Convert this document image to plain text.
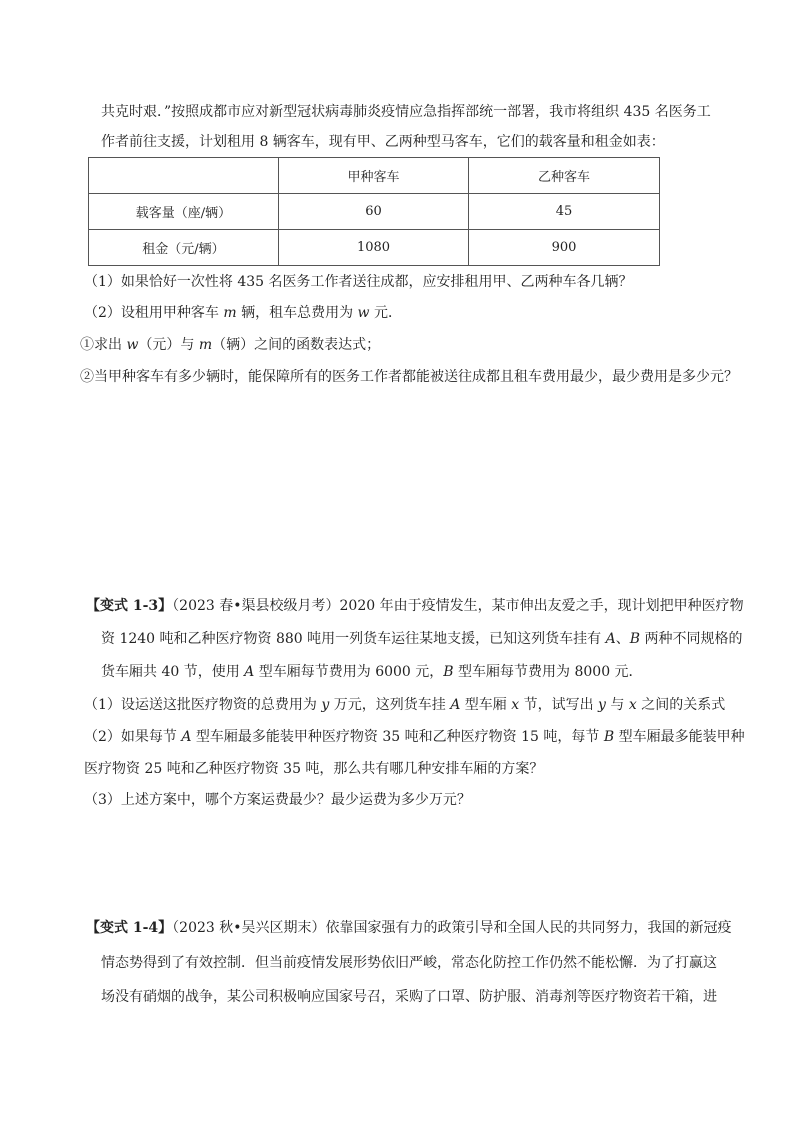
共克时艰．”按照成都市应对新型冠状病毒肺炎疫情应急指挥部统一部署，我市将组织 435 名医务工
作者前往支援，计划租用 8 辆客车，现有甲、乙两种型马客车，它们的载客量和租金如表：
	甲种客车	乙种客车
载客量（座/辆）	60	45
租金（元/辆）	1080	900
（1）如果恰好一次性将 435 名医务工作者送往成都，应安排租用甲、乙两种车各几辆？
（2）设租用甲种客车 m 辆，租车总费用为 w 元．
①求出 w（元）与 m（辆）之间的函数表达式；
②当甲种客车有多少辆时，能保障所有的医务工作者都能被送往成都且租车费用最少，最少费用是多少元？
【变式 1-3】（2023 春•渠县校级月考）2020 年由于疫情发生，某市伸出友爱之手，现计划把甲种医疗物
资 1240 吨和乙种医疗物资 880 吨用一列货车运往某地支援，已知这列货车挂有 A、B 两种不同规格的
货车厢共 40 节，使用 A 型车厢每节费用为 6000 元，B 型车厢每节费用为 8000 元．
（1）设运送这批医疗物资的总费用为 y 万元，这列货车挂 A 型车厢 x 节，试写出 y 与 x 之间的关系式
（2）如果每节 A 型车厢最多能装甲种医疗物资 35 吨和乙种医疗物资 15 吨，每节 B 型车厢最多能装甲种
医疗物资 25 吨和乙种医疗物资 35 吨，那么共有哪几种安排车厢的方案？
（3）上述方案中，哪个方案运费最少？最少运费为多少万元？
【变式 1-4】（2023 秋•吴兴区期末）依靠国家强有力的政策引导和全国人民的共同努力，我国的新冠疫
情态势得到了有效控制．但当前疫情发展形势依旧严峻，常态化防控工作仍然不能松懈．为了打赢这
场没有硝烟的战争，某公司积极响应国家号召，采购了口罩、防护服、消毒剂等医疗物资若干箱，进
